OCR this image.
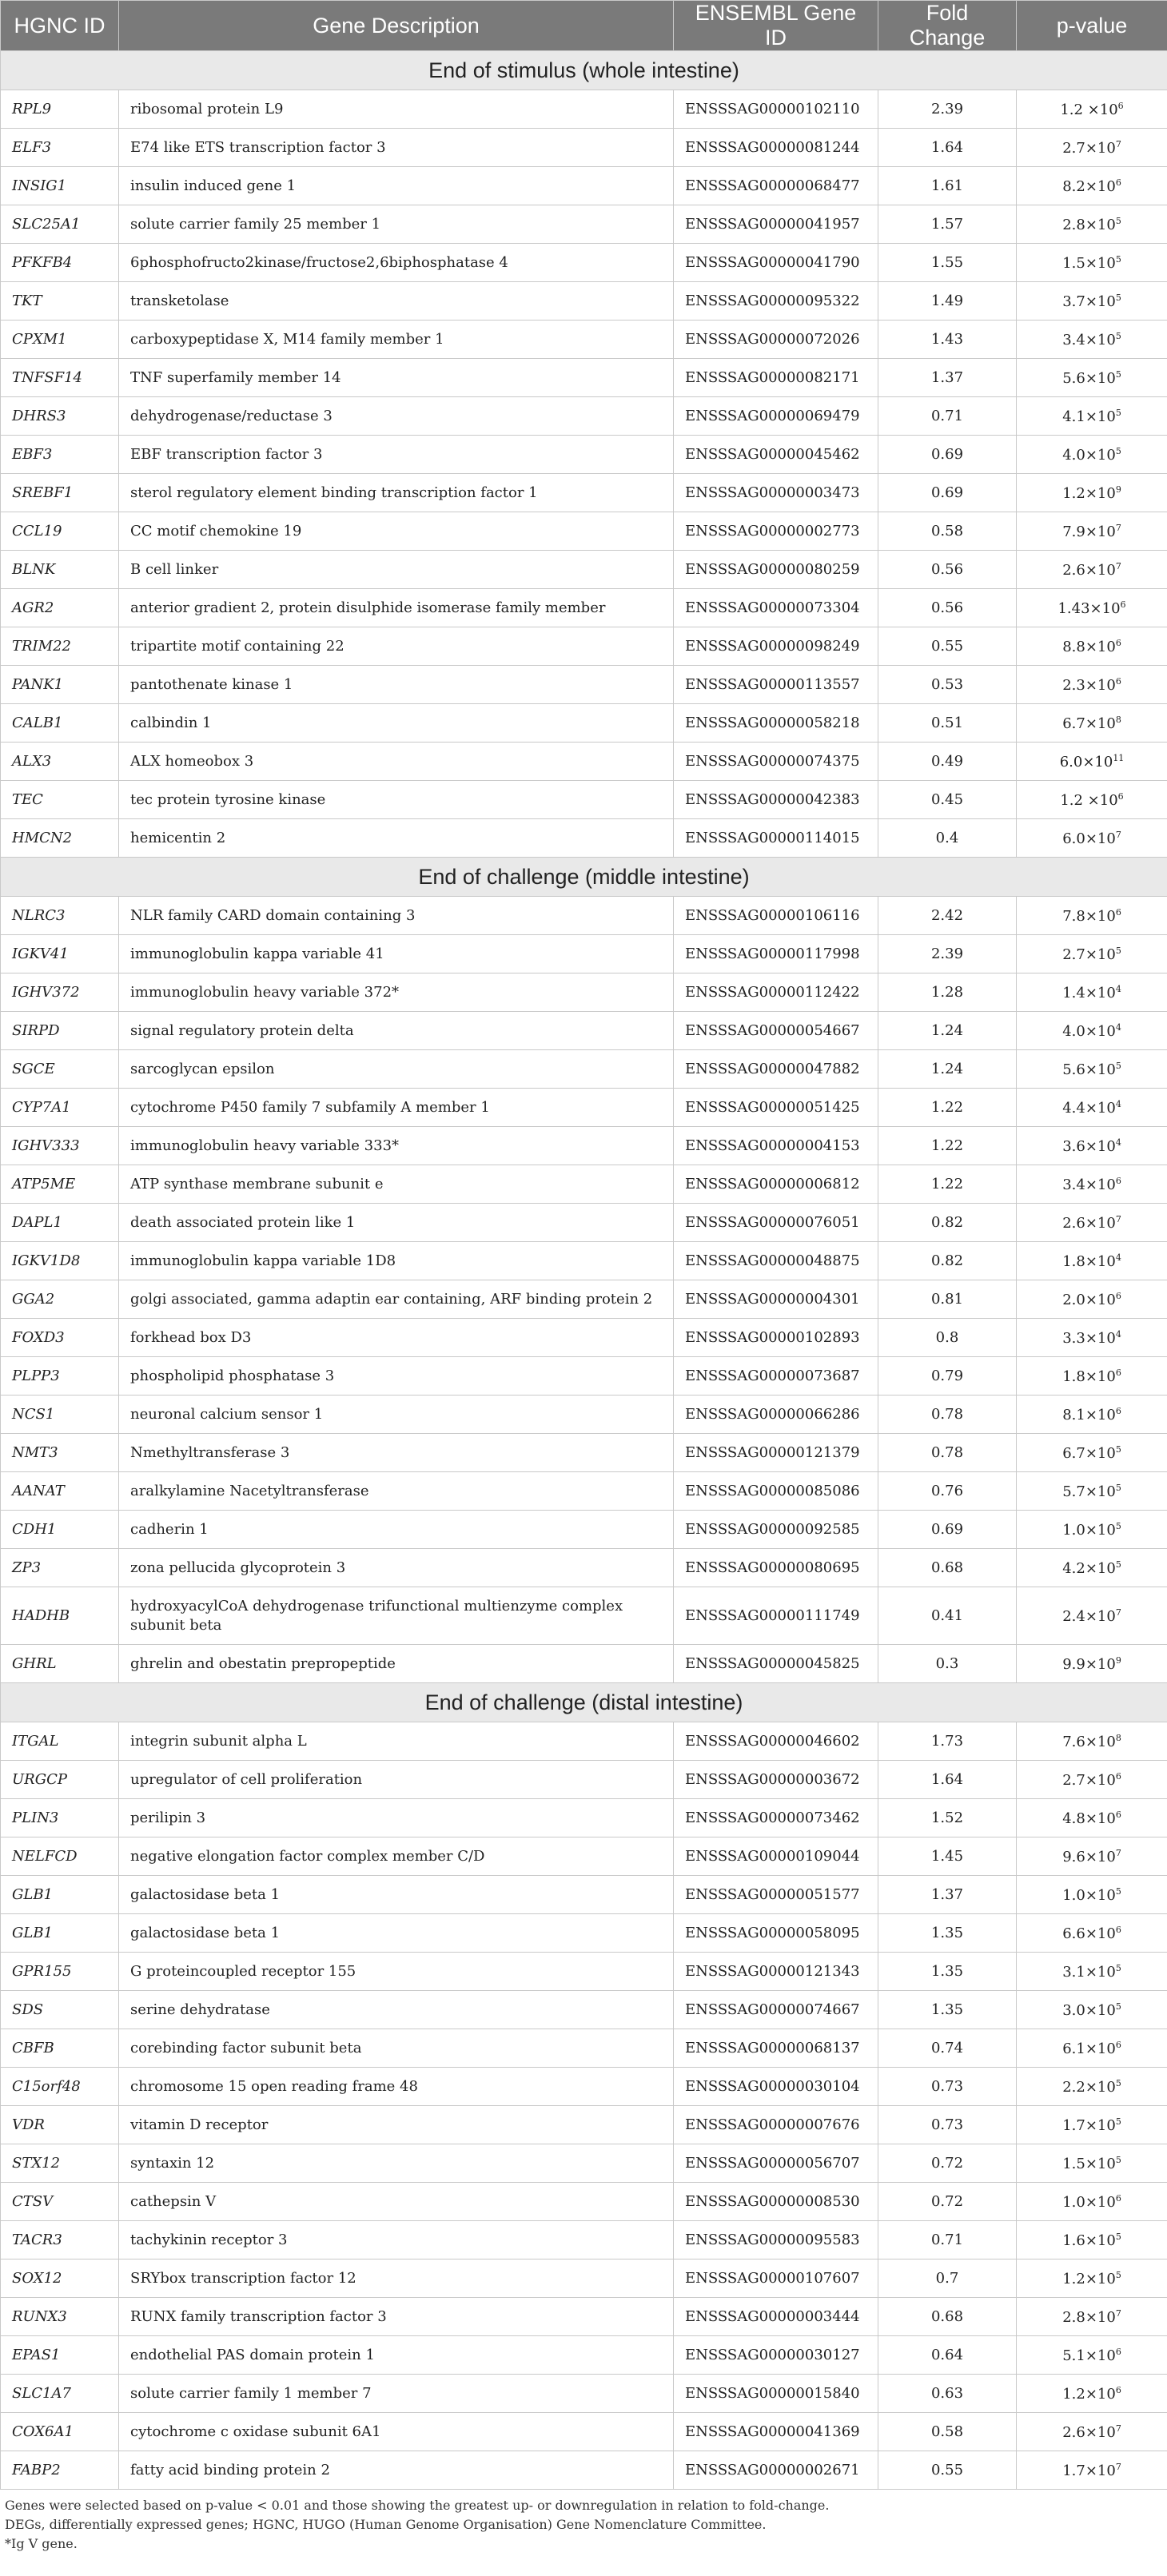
HGNC ID	Gene Description	ENSEMBL Gene ID	Fold Change	p-value
End of stimulus (whole intestine)				
RPL9	ribosomal protein L9	ENSSSAG00000102110	2.39	$1.2 \times 10^6$
ELF3	E74 like ETS transcription factor 3	ENSSSAG00000081244	1.64	$2.7\times 10^7$
INSIG1	insulin induced gene 1	ENSSSAG00000068477	1.61	$8.2\times 10^6$
SLC25A1	solute carrier family 25 member 1	ENSSSAG00000041957	1.57	$2.8\times 10^5$
PFKFB4	6phosphofructo2kinase/fructose2,6biphosphatase 4	ENSSSAG00000041790	1.55	$1.5\times 10^5$
TKT	transketolase	ENSSSAG00000095322	1.49	$3.7\times 10^5$
CPXM1	carboxypeptidase X, M14 family member 1	ENSSSAG00000072026	1.43	$3.4\times 10^5$
TNFSF14	TNF superfamily member 14	ENSSSAG00000082171	1.37	$5.6\times 10^5$
DHRS3	dehydrogenase/reductase 3	ENSSSAG00000069479	0.71	$4.1\times 10^5$
EBF3	EBF transcription factor 3	ENSSSAG00000045462	0.69	$4.0\times 10^5$
SREBF1	sterol regulatory element binding transcription factor 1	ENSSSAG00000003473	0.69	$1.2\times 10^9$
CCL19	CC motif chemokine 19	ENSSSAG00000002773	0.58	$7.9\times 10^7$
BLNK	B cell linker	ENSSSAG00000080259	0.56	$2.6\times 10^7$
AGR2	anterior gradient 2, protein disulphide isomerase family member	ENSSSAG00000073304	0.56	$1.43\times 10^6$
TRIM22	tripartite motif containing 22	ENSSSAG00000098249	0.55	$8.8\times 10^6$
PANK1	pantothenate kinase 1	ENSSSAG00000113557	0.53	$2.3\times 10^6$
CALB1	calbindin 1	ENSSSAG00000058218	0.51	$6.7\times 10^8$
ALX3	ALX homeobox 3	ENSSSAG00000074375	0.49	$6.0\times 10^{11}$
TEC	tec protein tyrosine kinase	ENSSSAG00000042383	0.45	$1.2 \times 10^6$
HMCN2	hemicentin 2	ENSSSAG00000114015	0.4	$6.0\times 10^7$
End of challenge (middle intestine)				
NLRC3	NLR family CARD domain containing 3	ENSSSAG00000106116	2.42	$7.8\times 10^6$
IGKV41	immunoglobulin kappa variable 41	ENSSSAG00000117998	2.39	$2.7\times 10^5$
IGHV372	immunoglobulin heavy variable 372*	ENSSSAG00000112422	1.28	$1.4\times 10^4$
SIRPD	signal regulatory protein delta	ENSSSAG00000054667	1.24	$4.0\times 10^4$
SGCE	sarcoglycan epsilon	ENSSSAG00000047882	1.24	$5.6\times 10^5$
CYP7A1	cytochrome P450 family 7 subfamily A member 1	ENSSSAG00000051425	1.22	$4.4\times 10^4$
IGHV333	immunoglobulin heavy variable 333*	ENSSSAG00000004153	1.22	$3.6\times 10^4$
ATP5ME	ATP synthase membrane subunit e	ENSSSAG00000006812	1.22	$3.4\times 10^6$
DAPL1	death associated protein like 1	ENSSSAG00000076051	0.82	$2.6\times 10^7$
IGKV1D8	immunoglobulin kappa variable 1D8	ENSSSAG00000048875	0.82	$1.8\times 10^4$
GGA2	golgi associated, gamma adaptin ear containing, ARF binding protein 2	ENSSSAG00000004301	0.81	$2.0\times 10^6$
FOXD3	forkhead box D3	ENSSSAG00000102893	0.8	$3.3\times 10^4$
PLPP3	phospholipid phosphatase 3	ENSSSAG00000073687	0.79	$1.8\times 10^6$
NCS1	neuronal calcium sensor 1	ENSSSAG00000066286	0.78	$8.1\times 10^6$
NMT3	Nmethyltransferase 3	ENSSSAG00000121379	0.78	$6.7\times 10^5$
AANAT	aralkylamine Nacetyltransferase	ENSSSAG00000085086	0.76	$5.7\times 10^5$
CDH1	cadherin 1	ENSSSAG00000092585	0.69	$1.0\times 10^5$
ZP3	zona pellucida glycoprotein 3	ENSSSAG00000080695	0.68	$4.2\times 10^5$
HADHB	hydroxyacylCoA dehydrogenase trifunctional multienzyme complex subunit beta	ENSSSAG00000111749	0.41	$2.4\times 10^7$
GHRL	ghrelin and obestatin prepropeptide	ENSSSAG00000045825	0.3	$9.9\times 10^9$
End of challenge (distal intestine)				
ITGAL	integrin subunit alpha L	ENSSSAG00000046602	1.73	$7.6\times 10^8$
URGCP	upregulator of cell proliferation	ENSSSAG00000003672	1.64	$2.7\times 10^6$
PLIN3	perilipin 3	ENSSSAG00000073462	1.52	$4.8\times 10^6$
NELFCD	negative elongation factor complex member C/D	ENSSSAG00000109044	1.45	$9.6\times 10^7$
GLB1	galactosidase beta 1	ENSSSAG00000051577	1.37	$1.0\times 10^5$
GLB1	galactosidase beta 1	ENSSSAG00000058095	1.35	$6.6\times 10^6$
GPR155	G proteincoupled receptor 155	ENSSSAG00000121343	1.35	$3.1\times 10^5$
SDS	serine dehydratase	ENSSSAG00000074667	1.35	$3.0\times 10^5$
CBFB	corebinding factor subunit beta	ENSSSAG00000068137	0.74	$6.1\times 10^6$
C15orf48	chromosome 15 open reading frame 48	ENSSSAG00000030104	0.73	$2.2\times 10^5$
VDR	vitamin D receptor	ENSSSAG00000007676	0.73	$1.7\times 10^5$
STX12	syntaxin 12	ENSSSAG00000056707	0.72	$1.5\times 10^5$
CTSV	cathepsin V	ENSSSAG00000008530	0.72	$1.0\times 10^6$
TACR3	tachykinin receptor 3	ENSSSAG00000095583	0.71	$1.6\times 10^5$
SOX12	SRYbox transcription factor 12	ENSSSAG00000107607	0.7	$1.2\times 10^5$
RUNX3	RUNX family transcription factor 3	ENSSSAG00000003444	0.68	$2.8\times 10^7$
EPAS1	endothelial PAS domain protein 1	ENSSSAG00000030127	0.64	$5.1\times 10^6$
SLC1A7	solute carrier family 1 member 7	ENSSSAG00000015840	0.63	$1.2\times 10^6$
COX6A1	cytochrome c oxidase subunit 6A1	ENSSSAG00000041369	0.58	$2.6\times 10^7$
FABP2	fatty acid binding protein 2	ENSSSAG00000002671	0.55	$1.7\times 10^7$
Genes were selected based on p-value < 0.01 and those showing the greatest up- or downregulation in relation to fold-change.
DEGs, differentially expressed genes; HGNC, HUGO (Human Genome Organisation) Gene Nomenclature Committee.
*Ig V gene.
